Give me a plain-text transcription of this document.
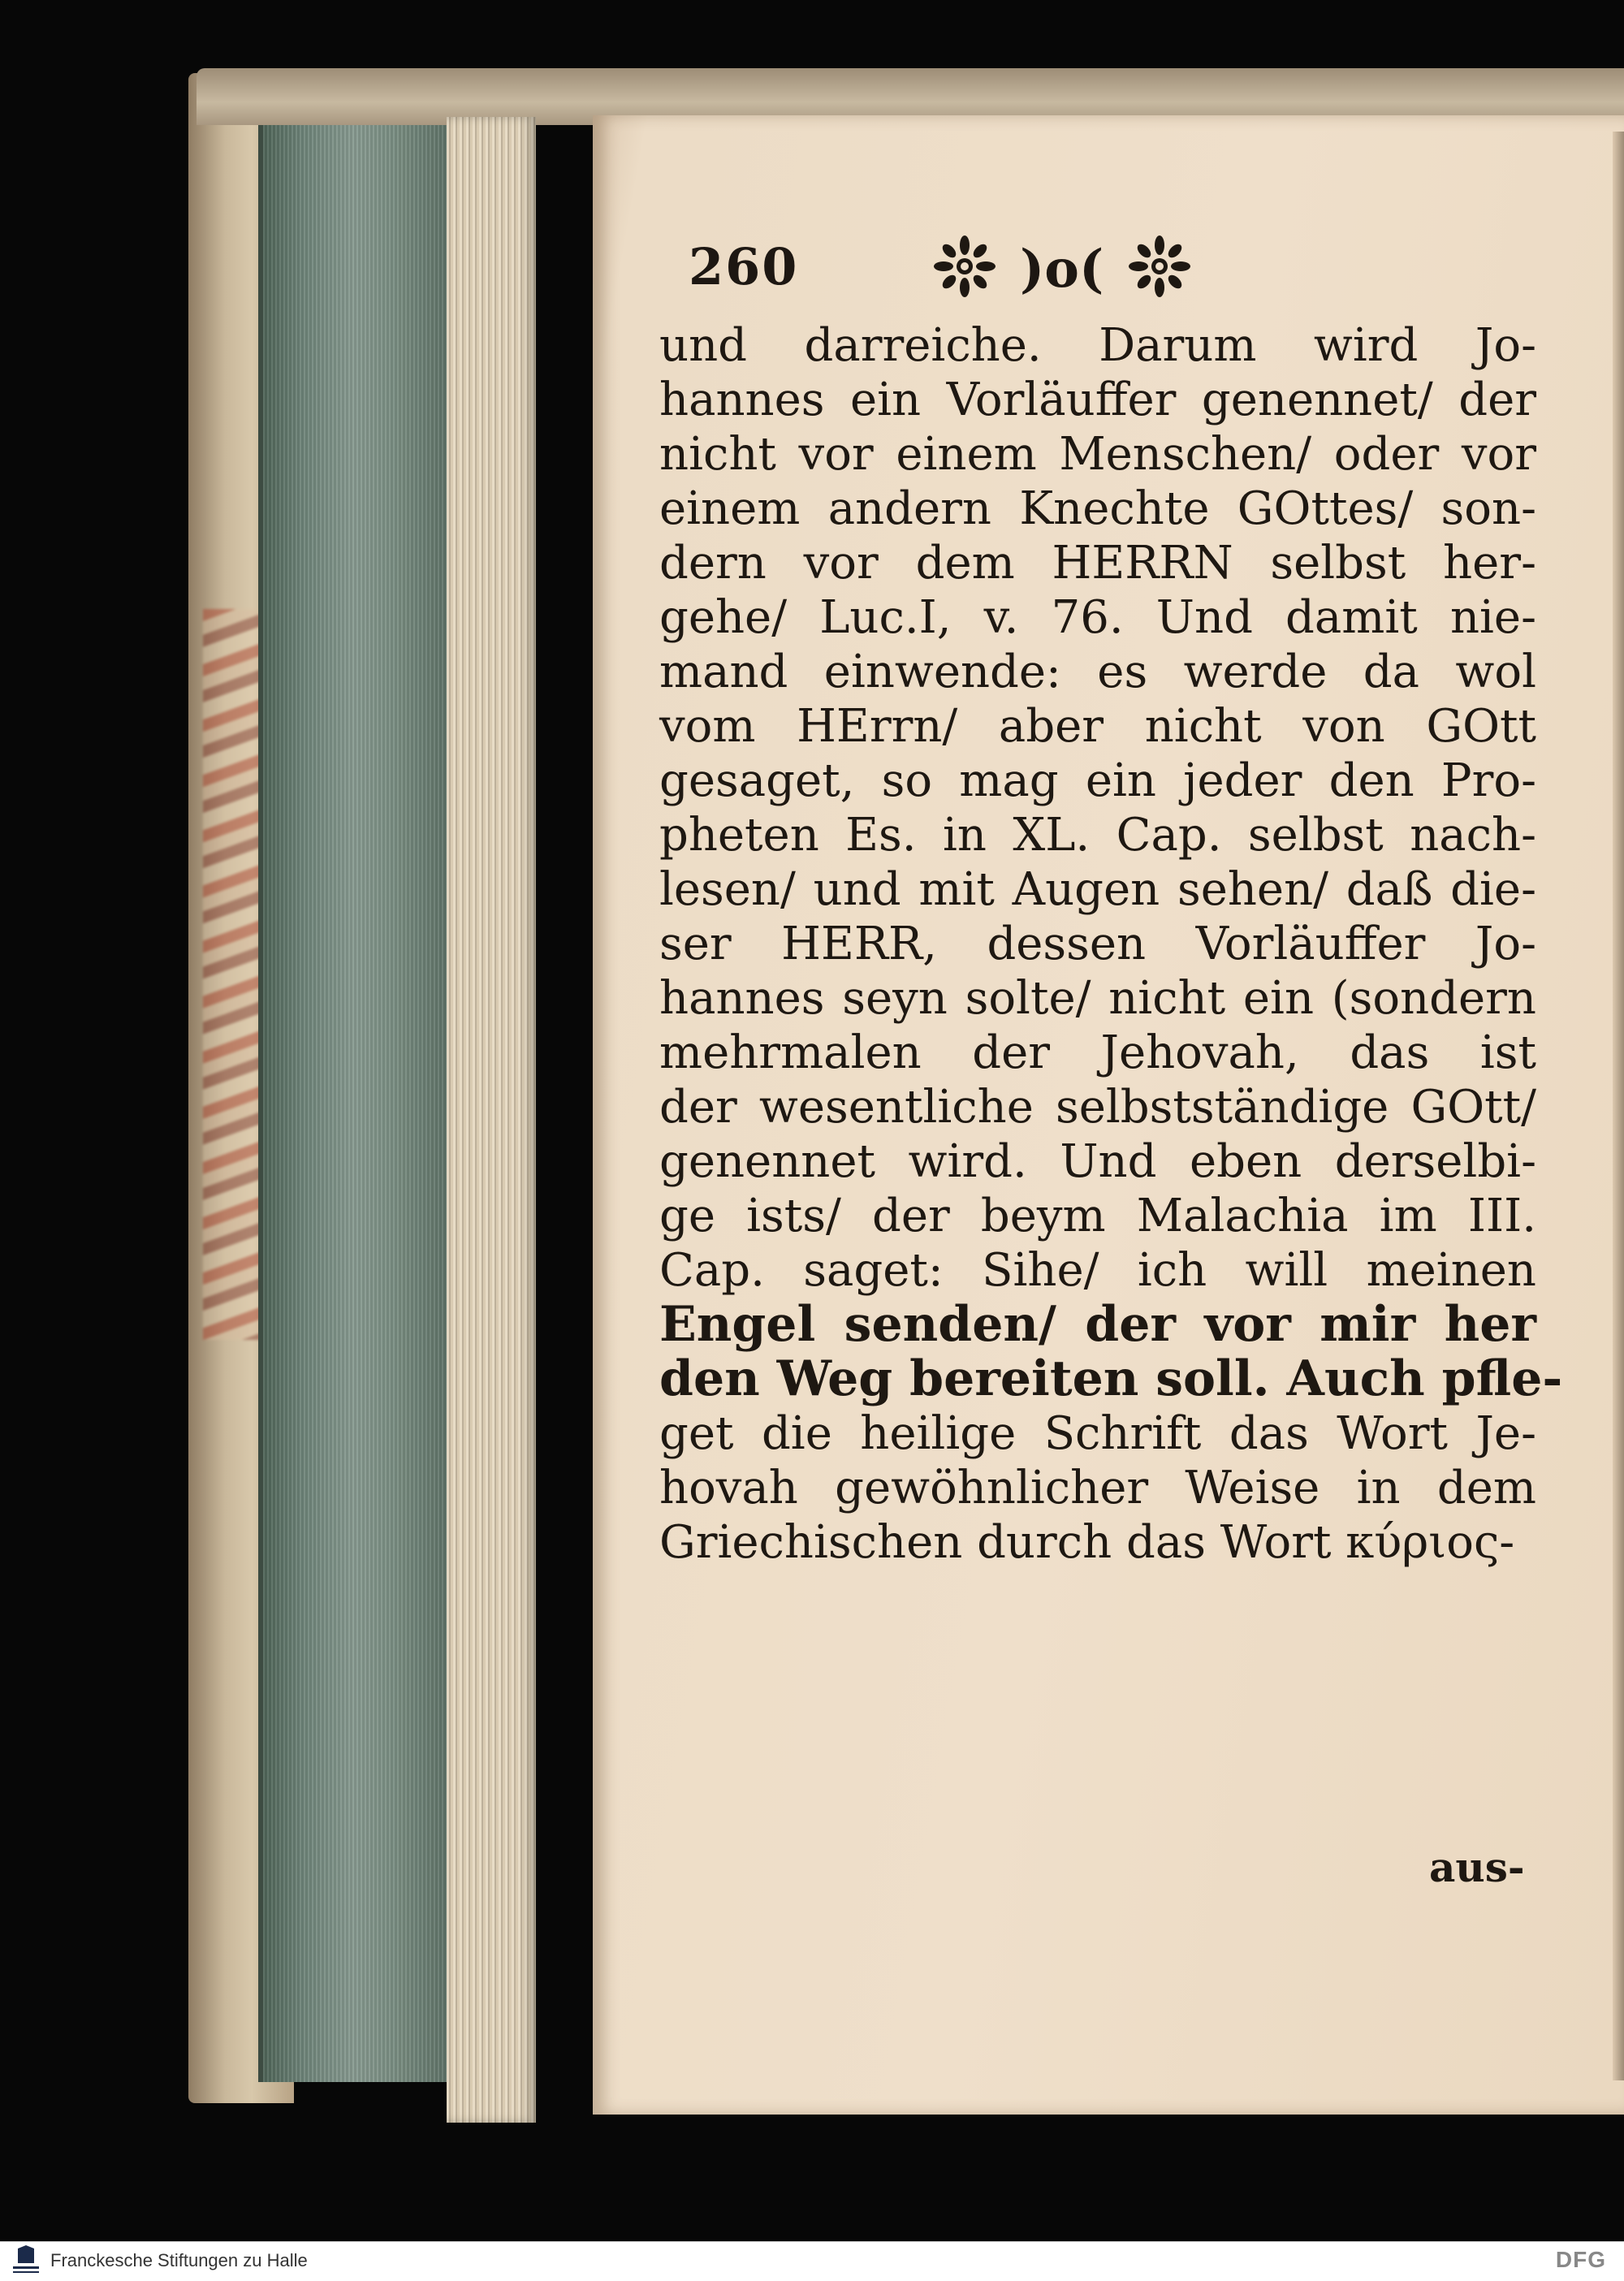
260	)o(
und darreiche. Darum wird Jo-
hannes ein Vorläuffer genennet/ der
nicht vor einem Menschen/ oder vor
einem andern Knechte GOttes/ son-
dern vor dem HERRN selbst her-
gehe/ Luc.I, v. 76. Und damit nie-
mand einwende: es werde da wol
vom HErrn/ aber nicht von GOtt
gesaget, so mag ein jeder den Pro-
pheten Es. in XL. Cap. selbst nach-
lesen/ und mit Augen sehen/ daß die-
ser HERR, dessen Vorläuffer Jo-
hannes seyn solte/ nicht ein (sondern
mehrmalen der Jehovah, das ist
der wesentliche selbstständige GOtt/
genennet wird. Und eben derselbi-
ge ists/ der beym Malachia im III.
Cap. saget: Sihe/ ich will meinen
Engel senden/ der vor mir her
den Weg bereiten soll. Auch pfle-
get die heilige Schrift das Wort Je-
hovah gewöhnlicher Weise in dem
Griechischen durch das Wort κύριος-
aus-
Franckesche Stiftungen zu Halle	DFG
